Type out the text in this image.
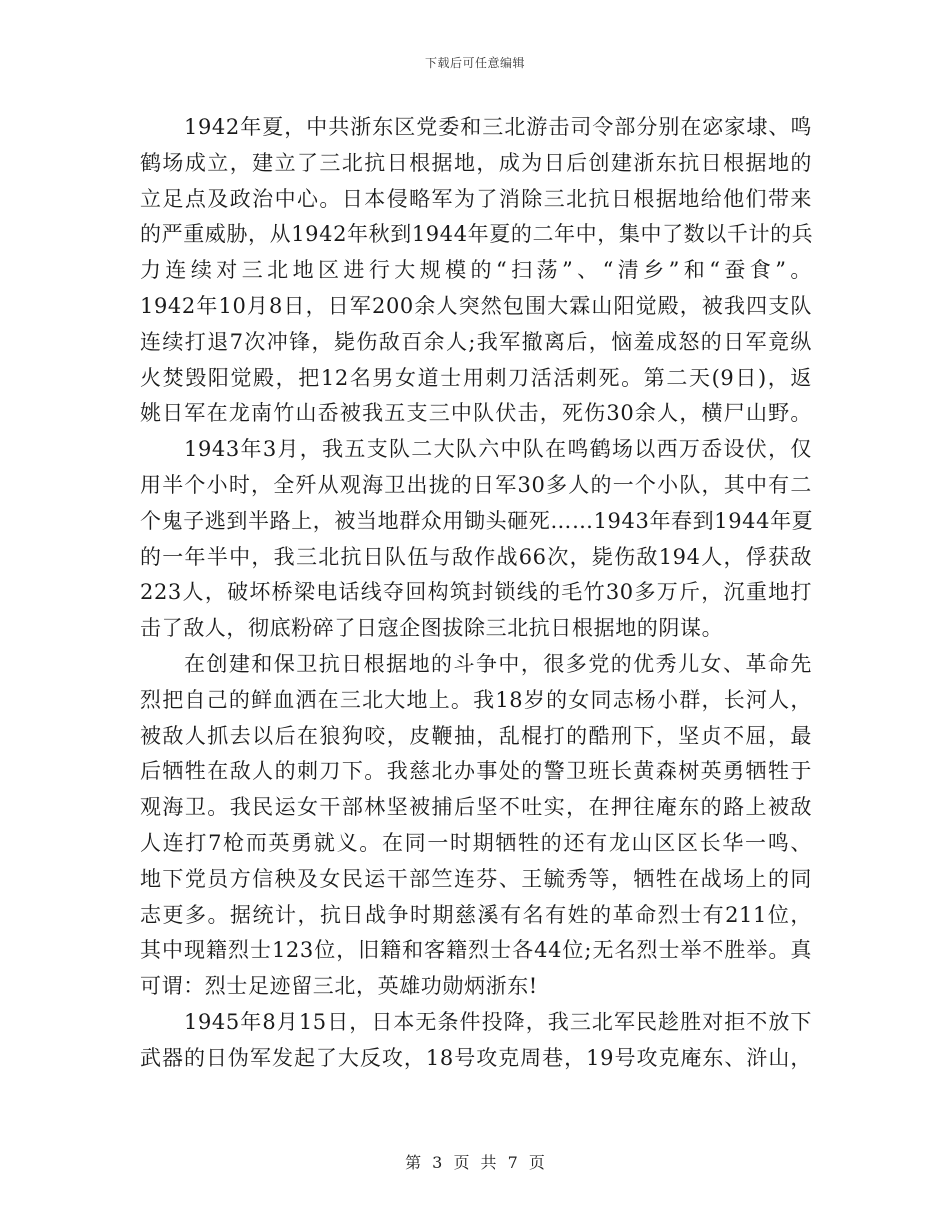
下载后可任意编辑
1942年夏，中共浙东区党委和三北游击司令部分别在宓家埭、鸣
鹤场成立，建立了三北抗日根据地，成为日后创建浙东抗日根据地的
立足点及政治中心。日本侵略军为了消除三北抗日根据地给他们带来
的严重威胁，从1942年秋到1944年夏的二年中，集中了数以千计的兵
力连续对三北地区进行大规模的“扫荡”、“清乡”和“蚕食”。
1942年10月8日，日军200余人突然包围大霖山阳觉殿，被我四支队
连续打退7次冲锋，毙伤敌百余人;我军撤离后，恼羞成怒的日军竟纵
火焚毁阳觉殿，把12名男女道士用刺刀活活刺死。第二天(9日)，返
姚日军在龙南竹山岙被我五支三中队伏击，死伤30余人，横尸山野。
1943年3月，我五支队二大队六中队在鸣鹤场以西万岙设伏，仅
用半个小时，全歼从观海卫出拢的日军30多人的一个小队，其中有二
个鬼子逃到半路上，被当地群众用锄头砸死……1943年春到1944年夏
的一年半中，我三北抗日队伍与敌作战66次，毙伤敌194人，俘获敌
223人，破坏桥梁电话线夺回构筑封锁线的毛竹30多万斤，沉重地打
击了敌人，彻底粉碎了日寇企图拔除三北抗日根据地的阴谋。
在创建和保卫抗日根据地的斗争中，很多党的优秀儿女、革命先
烈把自己的鲜血洒在三北大地上。我18岁的女同志杨小群，长河人，
被敌人抓去以后在狼狗咬，皮鞭抽，乱棍打的酷刑下，坚贞不屈，最
后牺牲在敌人的刺刀下。我慈北办事处的警卫班长黄森树英勇牺牲于
观海卫。我民运女干部林坚被捕后坚不吐实，在押往庵东的路上被敌
人连打7枪而英勇就义。在同一时期牺牲的还有龙山区区长华一鸣、
地下党员方信秧及女民运干部竺连芬、王毓秀等，牺牲在战场上的同
志更多。据统计，抗日战争时期慈溪有名有姓的革命烈士有211位，
其中现籍烈士123位，旧籍和客籍烈士各44位;无名烈士举不胜举。真
可谓：烈士足迹留三北，英雄功勋炳浙东!
1945年8月15日，日本无条件投降，我三北军民趁胜对拒不放下
武器的日伪军发起了大反攻，18号攻克周巷，19号攻克庵东、浒山，
第 3 页 共 7 页
